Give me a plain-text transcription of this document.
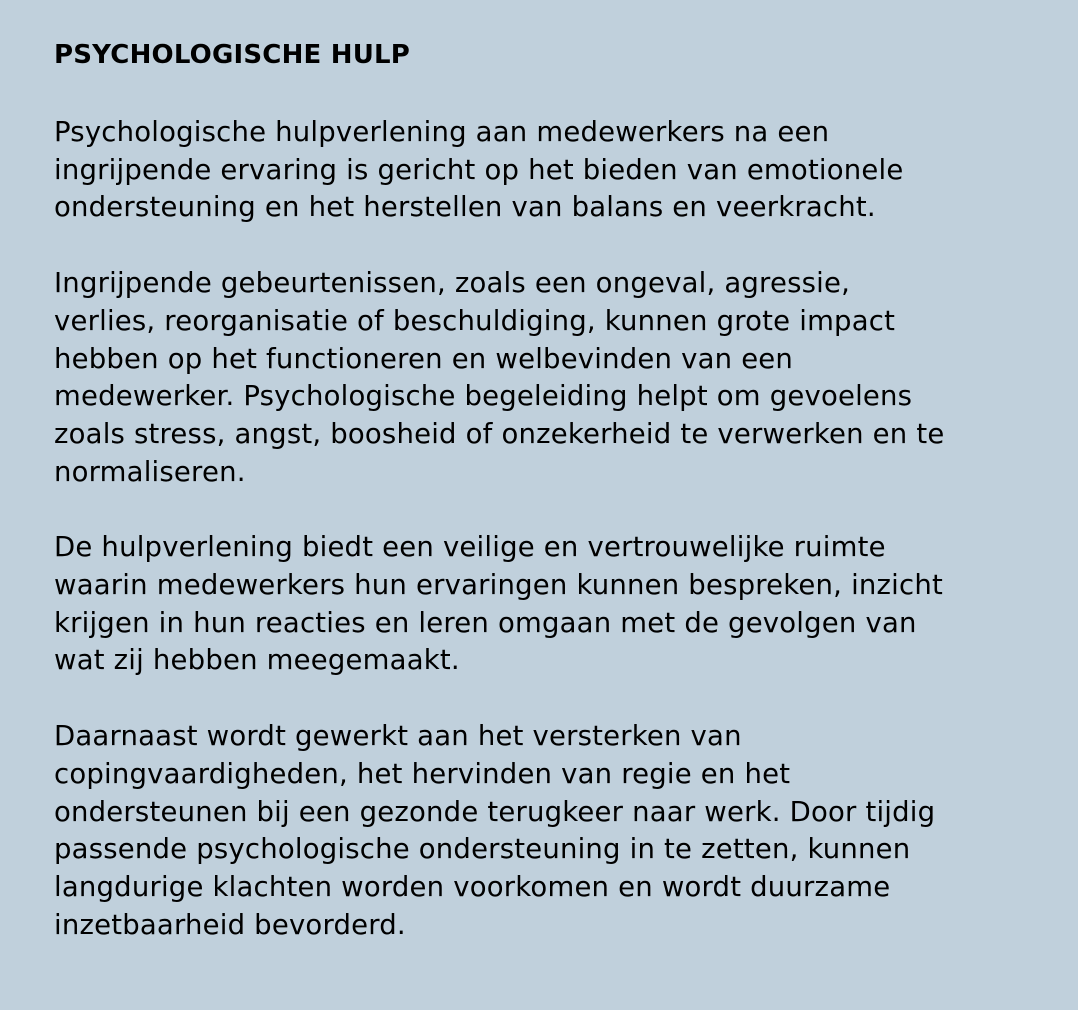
PSYCHOLOGISCHE HULP

Psychologische hulpverlening aan medewerkers na een
ingrijpende ervaring is gericht op het bieden van emotionele
ondersteuning en het herstellen van balans en veerkracht.

Ingrijpende gebeurtenissen, zoals een ongeval, agressie,
verlies, reorganisatie of beschuldiging, kunnen grote impact
hebben op het functioneren en welbevinden van een
medewerker. Psychologische begeleiding helpt om gevoelens
zoals stress, angst, boosheid of onzekerheid te verwerken en te
normaliseren.

De hulpverlening biedt een veilige en vertrouwelijke ruimte
waarin medewerkers hun ervaringen kunnen bespreken, inzicht
krijgen in hun reacties en leren omgaan met de gevolgen van
wat zij hebben meegemaakt.

Daarnaast wordt gewerkt aan het versterken van
copingvaardigheden, het hervinden van regie en het
ondersteunen bij een gezonde terugkeer naar werk. Door tijdig
passende psychologische ondersteuning in te zetten, kunnen
langdurige klachten worden voorkomen en wordt duurzame
inzetbaarheid bevorderd.
